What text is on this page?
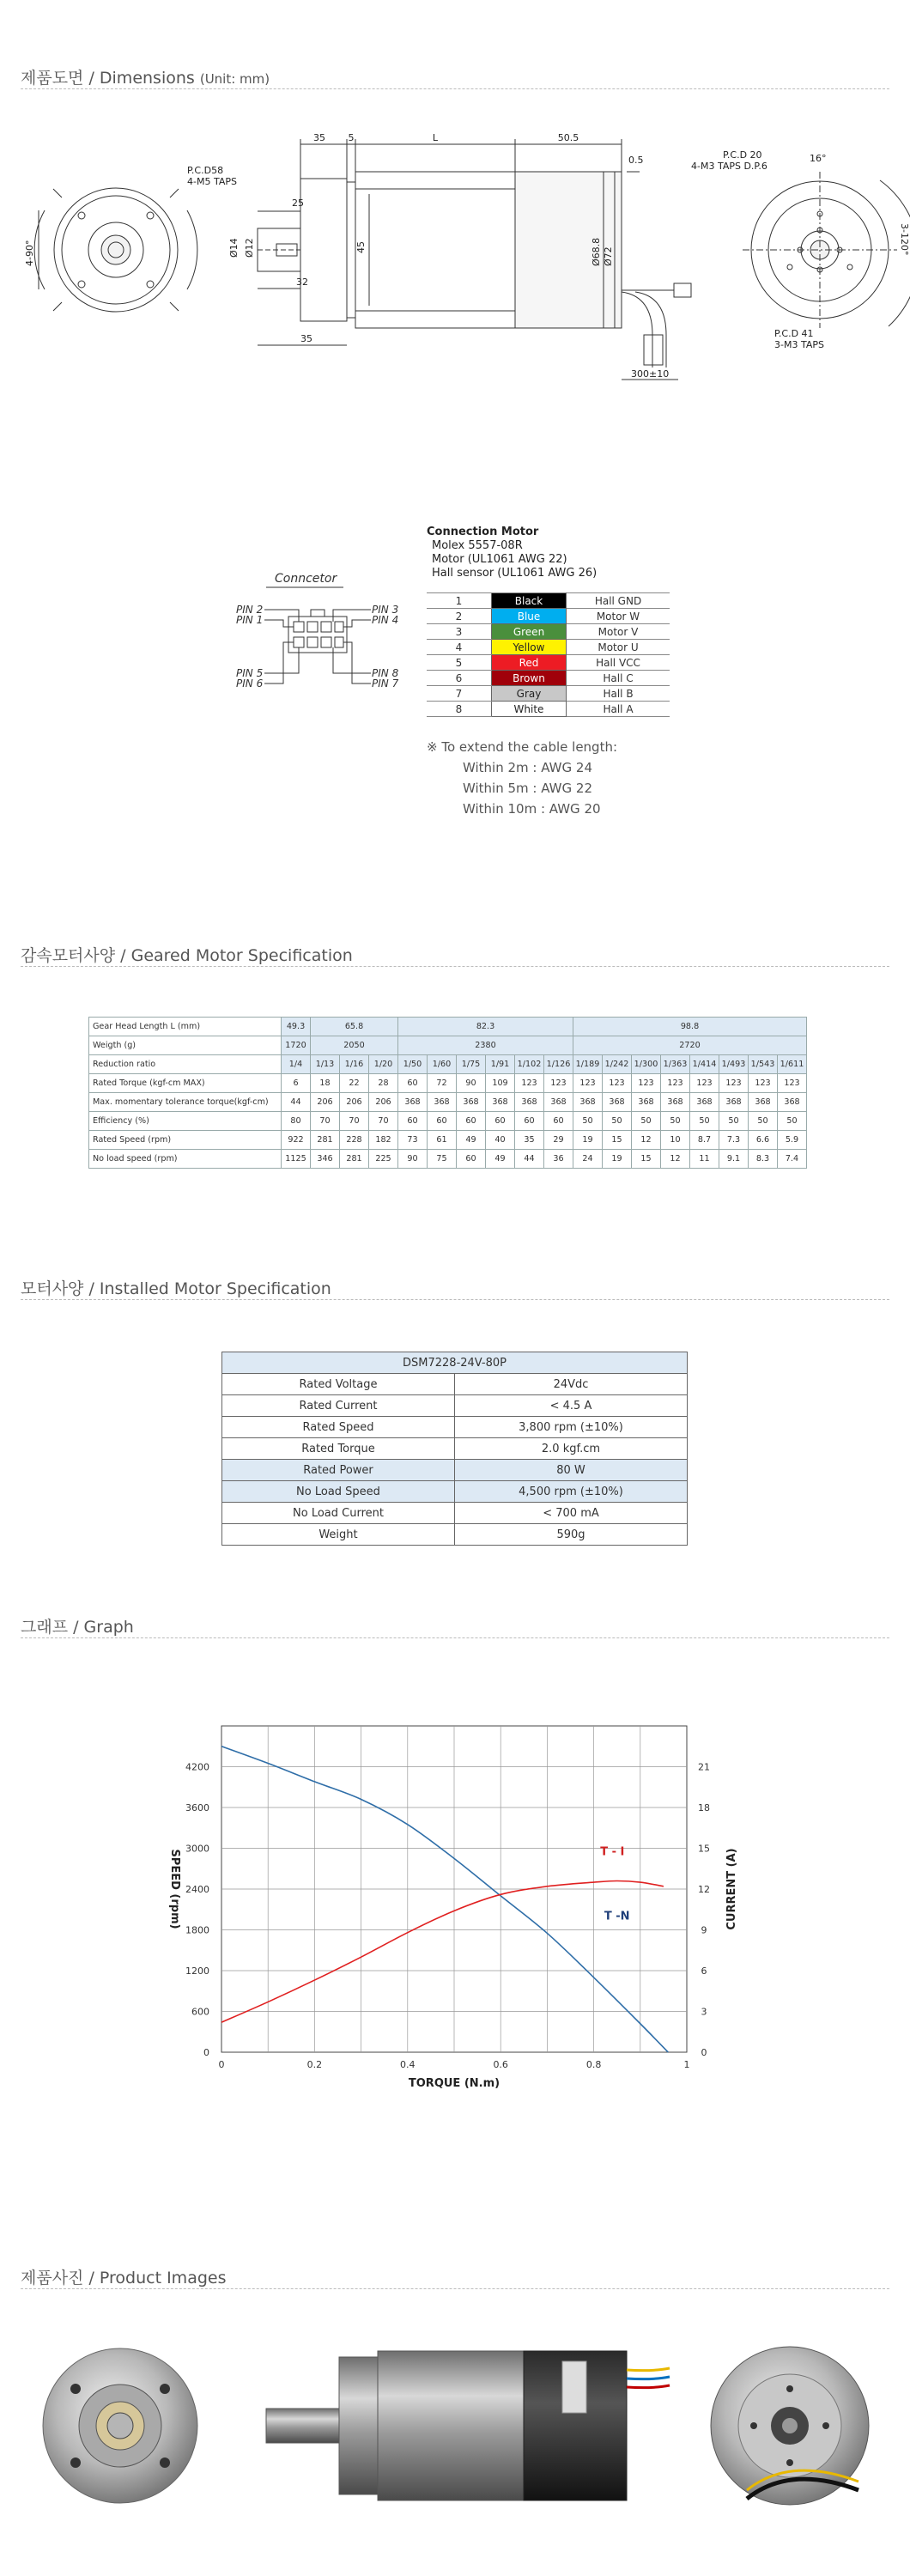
제품도면 / Dimensions (Unit: mm)
35 5	L	50.5
0.5
25
32
35
45
Ø14 Ø12	Ø68.8 Ø72
300±10
P.C.D58
4-M5 TAPS
P.C.D 20
4-M3 TAPS D.P.6
16°
P.C.D 41
3-M3 TAPS
4-90°	3-120°
Conncetor
PIN 2
PIN 1
PIN 3
PIN 4
PIN 5
PIN 6
PIN 8
PIN 7
Connection Motor
Molex 5557-08R
Motor (UL1061 AWG 22)
Hall sensor (UL1061 AWG 26)
1	Black	Hall GND
2	Blue	Motor W
3	Green	Motor V
4	Yellow	Motor U
5	Red	Hall VCC
6	Brown	Hall C
7	Gray	Hall B
8	White	Hall A
※ To extend the cable length:
Within 2m : AWG 24
Within 5m : AWG 22
Within 10m : AWG 20
감속모터사양 / Geared Motor Specification
Gear Head Length L (mm)	49.3	65.8			82.3						98.8							
Weigth (g)	1720	2050			2380						2720							
Reduction ratio	1/4	1/13	1/16	1/20	1/50	1/60	1/75	1/91	1/102	1/126	1/189	1/242	1/300	1/363	1/414	1/493	1/543	1/611
Rated Torque (kgf-cm MAX)	6	18	22	28	60	72	90	109	123	123	123	123	123	123	123	123	123	123
Max. momentary tolerance torque(kgf-cm)	44	206	206	206	368	368	368	368	368	368	368	368	368	368	368	368	368	368
Efficiency (%)	80	70	70	70	60	60	60	60	60	60	50	50	50	50	50	50	50	50
Rated Speed (rpm)	922	281	228	182	73	61	49	40	35	29	19	15	12	10	8.7	7.3	6.6	5.9
No load speed (rpm)	1125	346	281	225	90	75	60	49	44	36	24	19	15	12	11	9.1	8.3	7.4
모터사양 / Installed Motor Specification
DSM7228-24V-80P	
Rated Voltage	24Vdc
Rated Current	< 4.5 A
Rated Speed	3,800 rpm (±10%)
Rated Torque	2.0 kgf.cm
Rated Power	80 W
No Load Speed	4,500 rpm (±10%)
No Load Current	< 700 mA
Weight	590g
그래프 / Graph
SPEED (rpm)	CURRENT (A)
TORQUE (N.m)
0	0.2	0.4	0.6	0.8	1
0
600
1200
1800
2400
3000
3600
4200
0
3
6
9
12
15
18
21
T -N
T - I
제품사진 / Product Images
